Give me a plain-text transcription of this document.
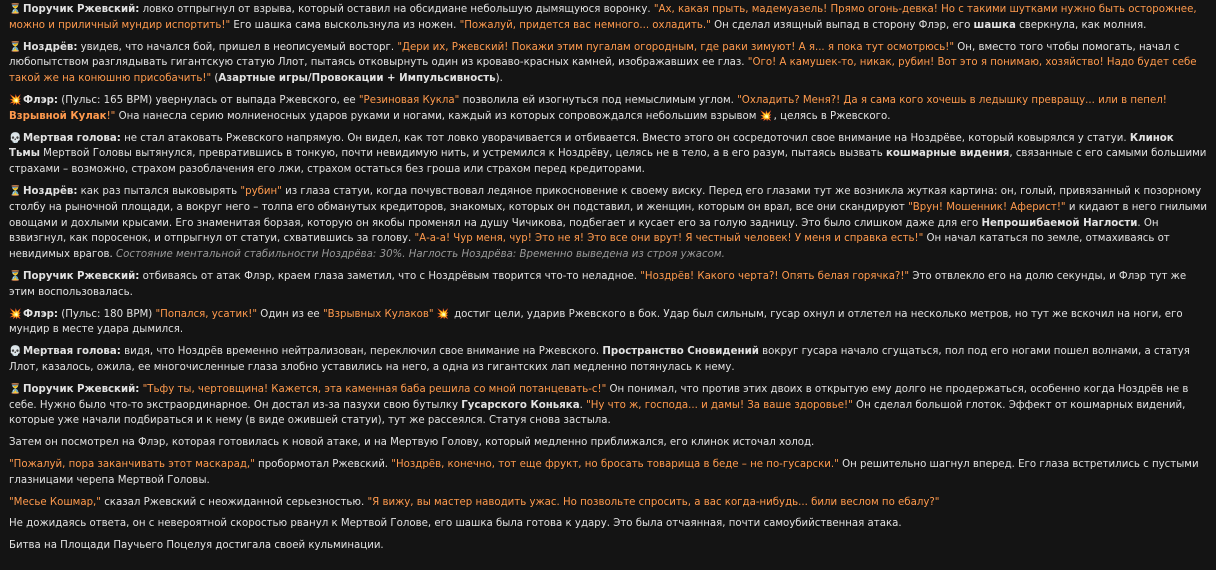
⏳ Поручик Ржевский: ловко отпрыгнул от взрыва, который оставил на обсидиане небольшую дымящуюся воронку. "Ах, какая прыть, мадемуазель! Прямо огонь-девка! Но с такими шутками нужно быть осторожнее, можно и приличный мундир испортить!" Его шашка сама выскользнула из ножен. "Пожалуй, придется вас немного... охладить." Он сделал изящный выпад в сторону Флэр, его шашка сверкнула, как молния.
⏳ Ноздрёв: увидев, что начался бой, пришел в неописуемый восторг. "Дери их, Ржевский! Покажи этим пугалам огородным, где раки зимуют! А я... я пока тут осмотрюсь!" Он, вместо того чтобы помогать, начал с любопытством разглядывать гигантскую статую Ллот, пытаясь отковырнуть один из кроваво-красных камней, изображавших ее глаз. "Ого! А камушек-то, никак, рубин! Вот это я понимаю, хозяйство! Надо будет себе такой же на конюшню присобачить!" (Азартные игры/Провокации + Импульсивность).
💥 Флэр: (Пульс: 165 BPM) увернулась от выпада Ржевского, ее "Резиновая Кукла" позволила ей изогнуться под немыслимым углом. "Охладить? Меня?! Да я сама кого хочешь в ледышку превращу... или в пепел! Взрывной Кулак!" Она нанесла серию молниеносных ударов руками и ногами, каждый из которых сопровождался небольшим взрывом 💥 , целясь в Ржевского.
💀 Мертвая голова: не стал атаковать Ржевского напрямую. Он видел, как тот ловко уворачивается и отбивается. Вместо этого он сосредоточил свое внимание на Ноздрёве, который ковырялся у статуи. Клинок Тьмы Мертвой Головы вытянулся, превратившись в тонкую, почти невидимую нить, и устремился к Ноздрёву, целясь не в тело, а в его разум, пытаясь вызвать кошмарные видения, связанные с его самыми большими страхами – возможно, страхом разоблачения его лжи, страхом остаться без гроша или страхом перед кредиторами.
⏳ Ноздрёв: как раз пытался выковырять "рубин" из глаза статуи, когда почувствовал ледяное прикосновение к своему виску. Перед его глазами тут же возникла жуткая картина: он, голый, привязанный к позорному столбу на рыночной площади, а вокруг него – толпа его обманутых кредиторов, знакомых, которых он подставил, и женщин, которым он врал, все они скандируют "Врун! Мошенник! Аферист!" и кидают в него гнилыми овощами и дохлыми крысами. Его знаменитая борзая, которую он якобы променял на душу Чичикова, подбегает и кусает его за голую задницу. Это было слишком даже для его Непрошибаемой Наглости. Он взвизгнул, как поросенок, и отпрыгнул от статуи, схватившись за голову. "А-а-а! Чур меня, чур! Это не я! Это все они врут! Я честный человек! У меня и справка есть!" Он начал кататься по земле, отмахиваясь от невидимых врагов. Состояние ментальной стабильности Ноздрёва: 30%. Наглость Ноздрёва: Временно выведена из строя ужасом.
⏳ Поручик Ржевский: отбиваясь от атак Флэр, краем глаза заметил, что с Ноздрёвым творится что-то неладное. "Ноздрёв! Какого черта?! Опять белая горячка?!" Это отвлекло его на долю секунды, и Флэр тут же этим воспользовалась.
💥 Флэр: (Пульс: 180 BPM) "Попался, усатик!" Один из ее "Взрывных Кулаков" 💥 достиг цели, ударив Ржевского в бок. Удар был сильным, гусар охнул и отлетел на несколько метров, но тут же вскочил на ноги, его мундир в месте удара дымился.
💀 Мертвая голова: видя, что Ноздрёв временно нейтрализован, переключил свое внимание на Ржевского. Пространство Сновидений вокруг гусара начало сгущаться, пол под его ногами пошел волнами, а статуя Ллот, казалось, ожила, ее многочисленные глаза злобно уставились на него, а одна из гигантских лап медленно потянулась к нему.
⏳ Поручик Ржевский: "Тьфу ты, чертовщина! Кажется, эта каменная баба решила со мной потанцевать-с!" Он понимал, что против этих двоих в открытую ему долго не продержаться, особенно когда Ноздрёв не в себе. Нужно было что-то экстраординарное. Он достал из-за пазухи свою бутылку Гусарского Коньяка. "Ну что ж, господа... и дамы! За ваше здоровье!" Он сделал большой глоток. Эффект от кошмарных видений, которые уже начали подбираться и к нему (в виде ожившей статуи), тут же рассеялся. Статуя снова застыла.
Затем он посмотрел на Флэр, которая готовилась к новой атаке, и на Мертвую Голову, который медленно приближался, его клинок источал холод.
"Пожалуй, пора заканчивать этот маскарад," пробормотал Ржевский. "Ноздрёв, конечно, тот еще фрукт, но бросать товарища в беде – не по-гусарски." Он решительно шагнул вперед. Его глаза встретились с пустыми глазницами черепа Мертвой Головы.
"Месье Кошмар," сказал Ржевский с неожиданной серьезностью. "Я вижу, вы мастер наводить ужас. Но позвольте спросить, а вас когда-нибудь... били веслом по ебалу?"
Не дожидаясь ответа, он с невероятной скоростью рванул к Мертвой Голове, его шашка была готова к удару. Это была отчаянная, почти самоубийственная атака.
Битва на Площади Паучьего Поцелуя достигала своей кульминации.
